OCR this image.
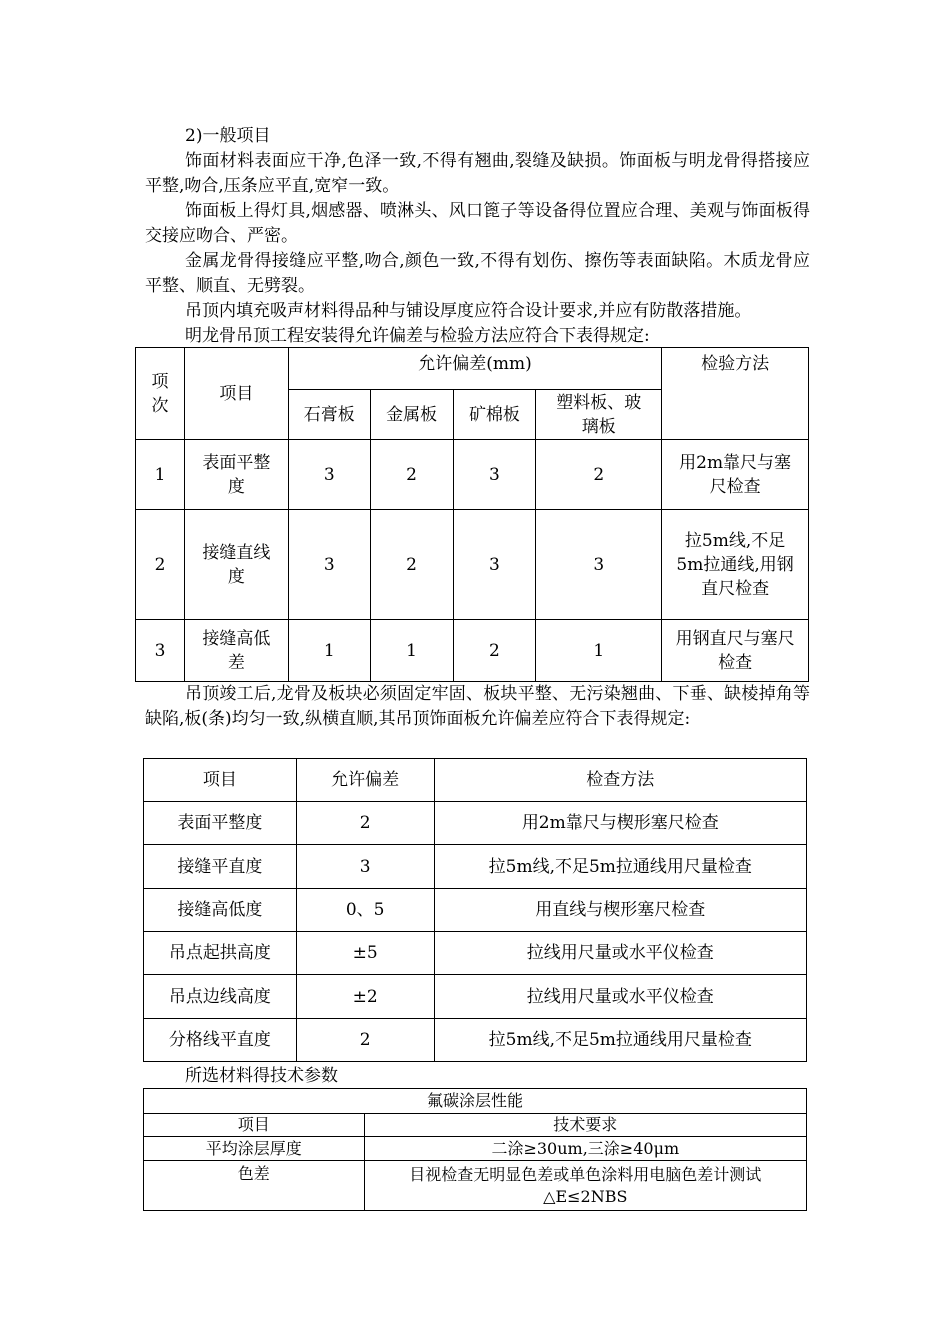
2)一般项目

饰面材料表面应干净,色泽一致,不得有翘曲,裂缝及缺损。饰面板与明龙骨得搭接应平整,吻合,压条应平直,宽窄一致。

饰面板上得灯具,烟感器、喷淋头、风口篦子等设备得位置应合理、美观与饰面板得交接应吻合、严密。

金属龙骨得接缝应平整,吻合,颜色一致,不得有划伤、擦伤等表面缺陷。木质龙骨应平整、顺直、无劈裂。

吊顶内填充吸声材料得品种与铺设厚度应符合设计要求,并应有防散落措施。

明龙骨吊顶工程安装得允许偏差与检验方法应符合下表得规定:

项次	项目	允许偏差(mm)				检验方法
		石膏板	金属板	矿棉板	塑料板、玻璃板	
1	表面平整度	3	2	3	2	用2m靠尺与塞尺检查
2	接缝直线度	3	2	3	3	拉5m线,不足5m拉通线,用钢直尺检查
3	接缝高低差	1	1	2	1	用钢直尺与塞尺检查

吊顶竣工后,龙骨及板块必须固定牢固、板块平整、无污染翘曲、下垂、缺棱掉角等缺陷,板(条)均匀一致,纵横直顺,其吊顶饰面板允许偏差应符合下表得规定:

项目	允许偏差	检查方法
表面平整度	2	用2m靠尺与楔形塞尺检查
接缝平直度	3	拉5m线,不足5m拉通线用尺量检查
接缝高低度	0、5	用直线与楔形塞尺检查
吊点起拱高度	±5	拉线用尺量或水平仪检查
吊点边线高度	±2	拉线用尺量或水平仪检查
分格线平直度	2	拉5m线,不足5m拉通线用尺量检查

所选材料得技术参数

氟碳涂层性能	
项目	技术要求
平均涂层厚度	二涂≥30um,三涂≥40μm
色差	目视检查无明显色差或单色涂料用电脑色差计测试△E≤2NBS
